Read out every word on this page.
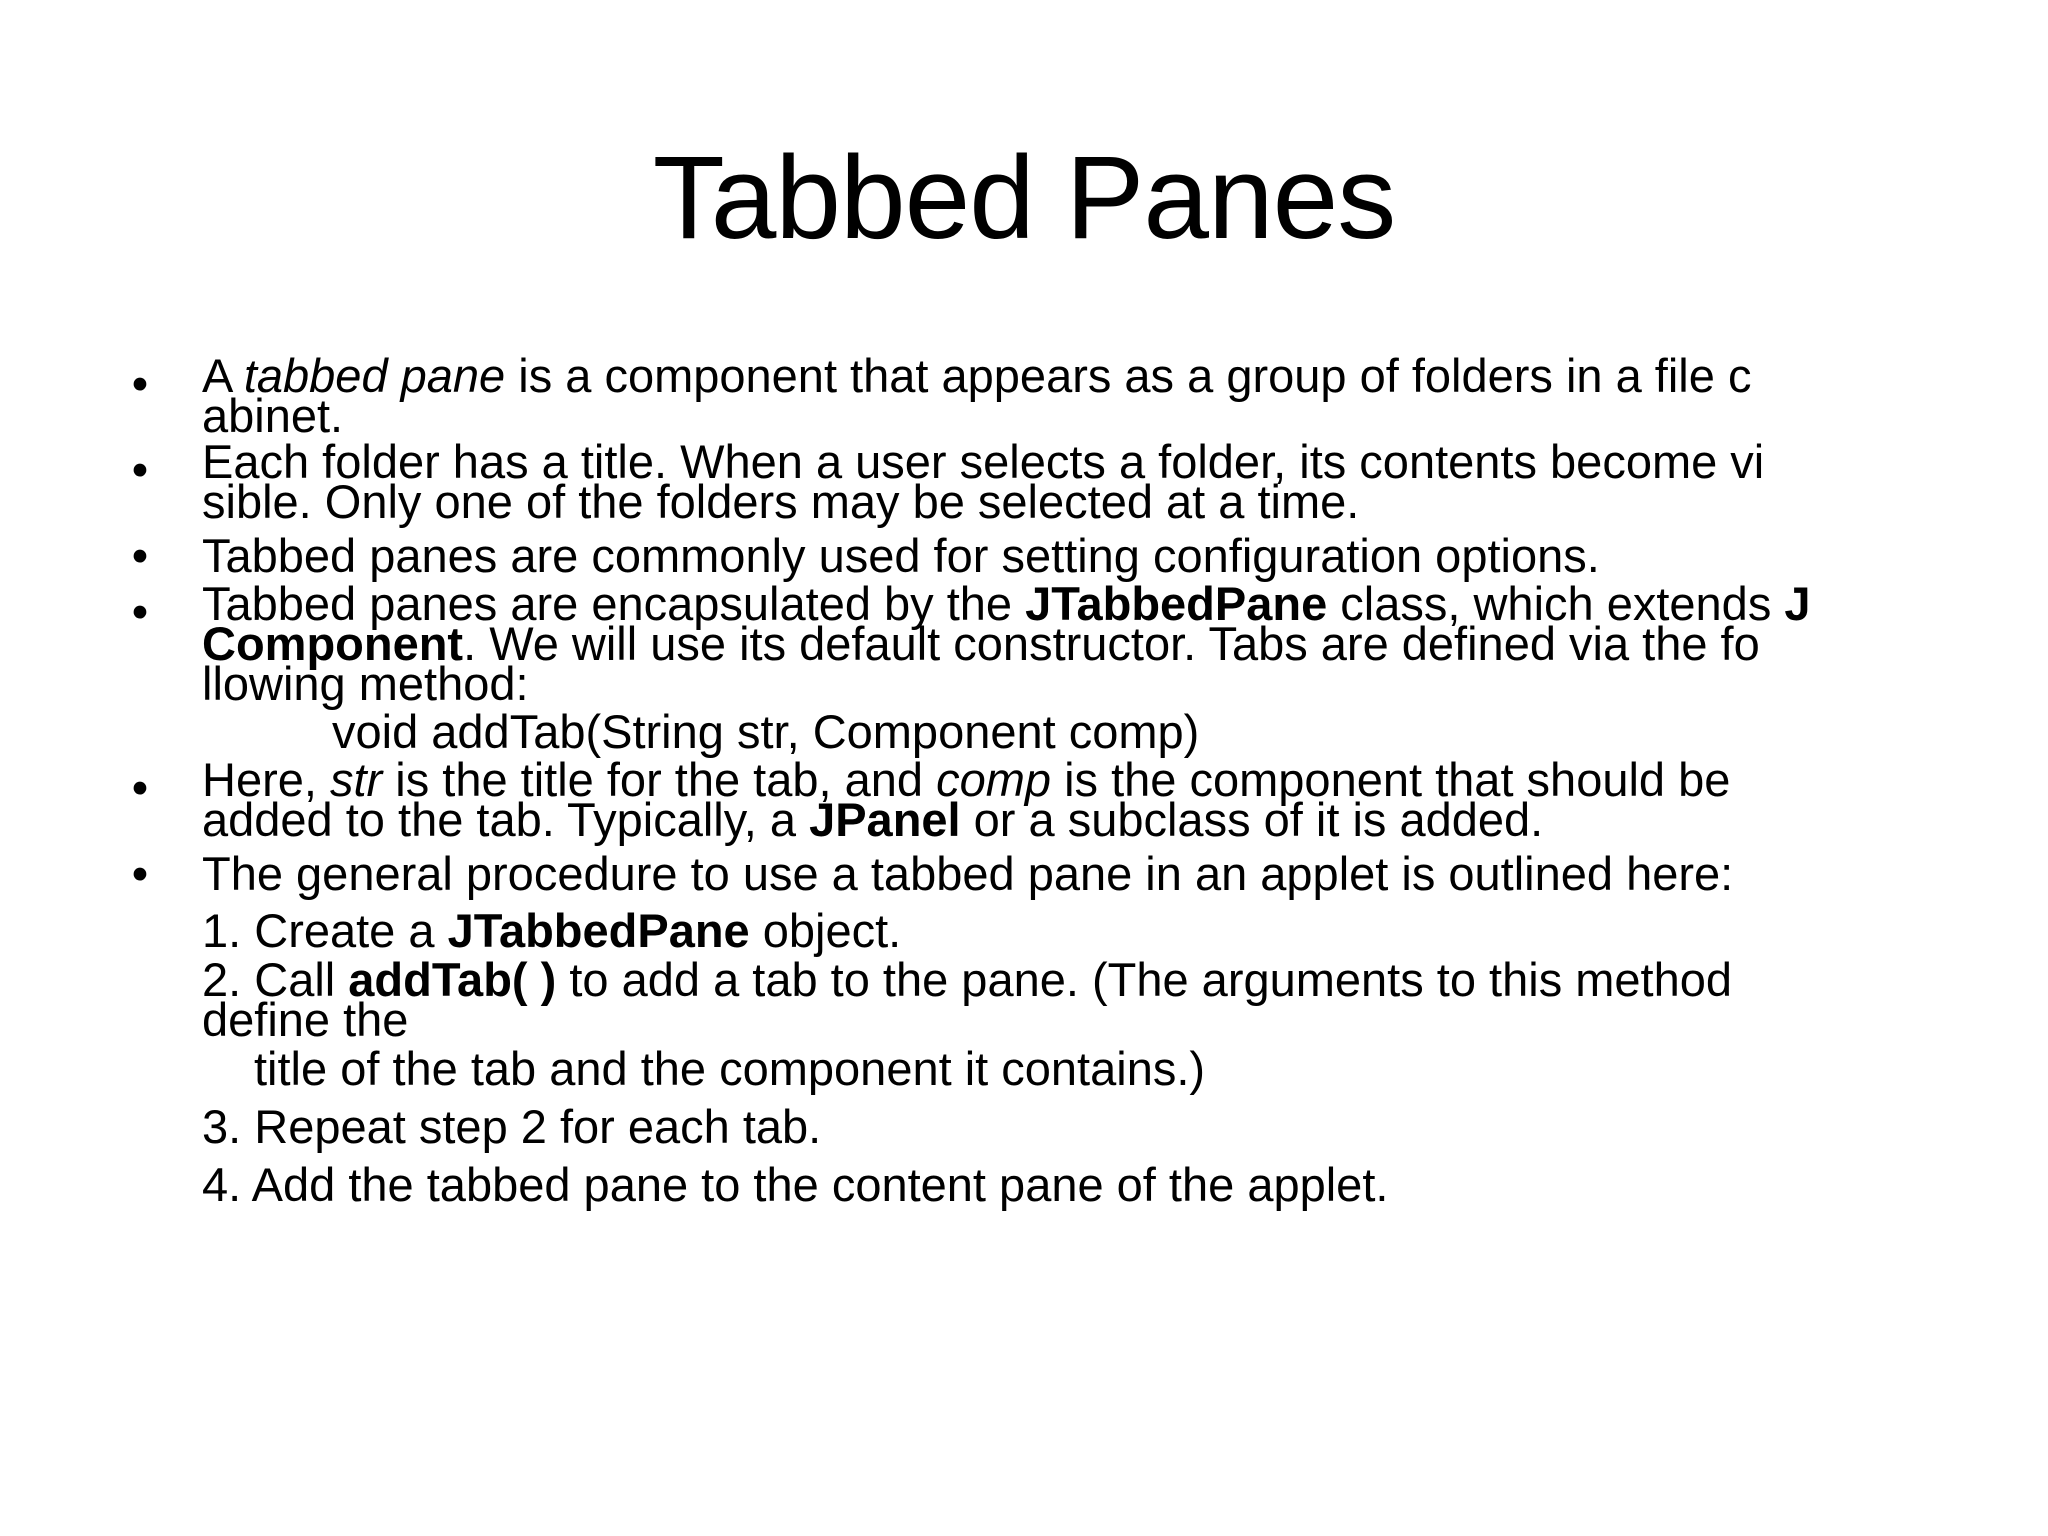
Tabbed Panes
• A tabbed pane is a component that appears as a group of folders in a file c
abinet.
• Each folder has a title. When a user selects a folder, its contents become vi
sible. Only one of the folders may be selected at a time.
• Tabbed panes are commonly used for setting configuration options.
• Tabbed panes are encapsulated by the JTabbedPane class, which extends J
Component. We will use its default constructor. Tabs are defined via the fo
llowing method:
void addTab(String str, Component comp)
• Here, str is the title for the tab, and comp is the component that should be
added to the tab. Typically, a JPanel or a subclass of it is added.
• The general procedure to use a tabbed pane in an applet is outlined here:
1. Create a JTabbedPane object.
2. Call addTab( ) to add a tab to the pane. (The arguments to this method
define the
title of the tab and the component it contains.)
3. Repeat step 2 for each tab.
4. Add the tabbed pane to the content pane of the applet.
